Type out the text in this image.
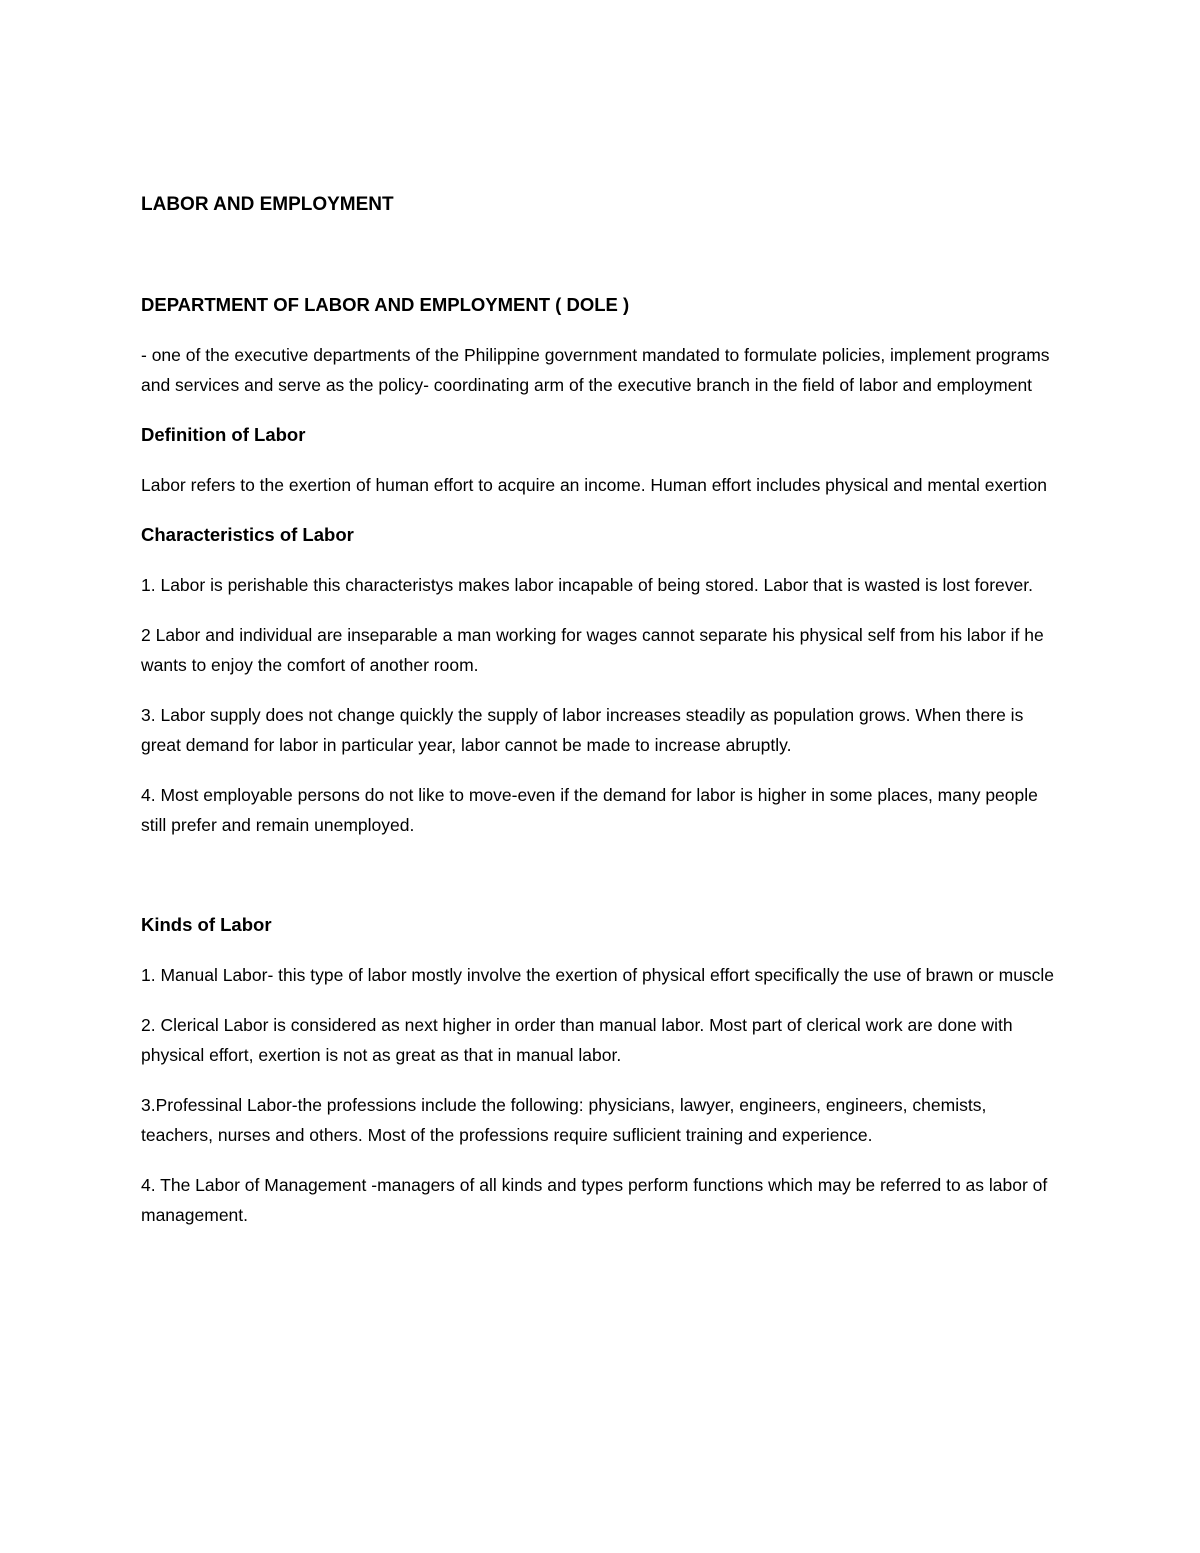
LABOR AND EMPLOYMENT

DEPARTMENT OF LABOR AND EMPLOYMENT ( DOLE )

- one of the executive departments of the Philippine government mandated to formulate policies, implement programs and services and serve as the policy- coordinating arm of the executive branch in the field of labor and employment

Definition of Labor

Labor refers to the exertion of human effort to acquire an income. Human effort includes physical and mental exertion

Characteristics of Labor

1. Labor is perishable this characteristys makes labor incapable of being stored. Labor that is wasted is lost forever.

2 Labor and individual are inseparable a man working for wages cannot separate his physical self from his labor if he wants to enjoy the comfort of another room.

3. Labor supply does not change quickly the supply of labor increases steadily as population grows. When there is great demand for labor in particular year, labor cannot be made to increase abruptly.

4. Most employable persons do not like to move-even if the demand for labor is higher in some places, many people still prefer and remain unemployed.

Kinds of Labor

1. Manual Labor- this type of labor mostly involve the exertion of physical effort specifically the use of brawn or muscle

2. Clerical Labor is considered as next higher in order than manual labor. Most part of clerical work are done with physical effort, exertion is not as great as that in manual labor.

3.Professinal Labor-the professions include the following: physicians, lawyer, engineers, engineers, chemists, teachers, nurses and others. Most of the professions require suflicient training and experience.

4. The Labor of Management -managers of all kinds and types perform functions which may be referred to as labor of management.
